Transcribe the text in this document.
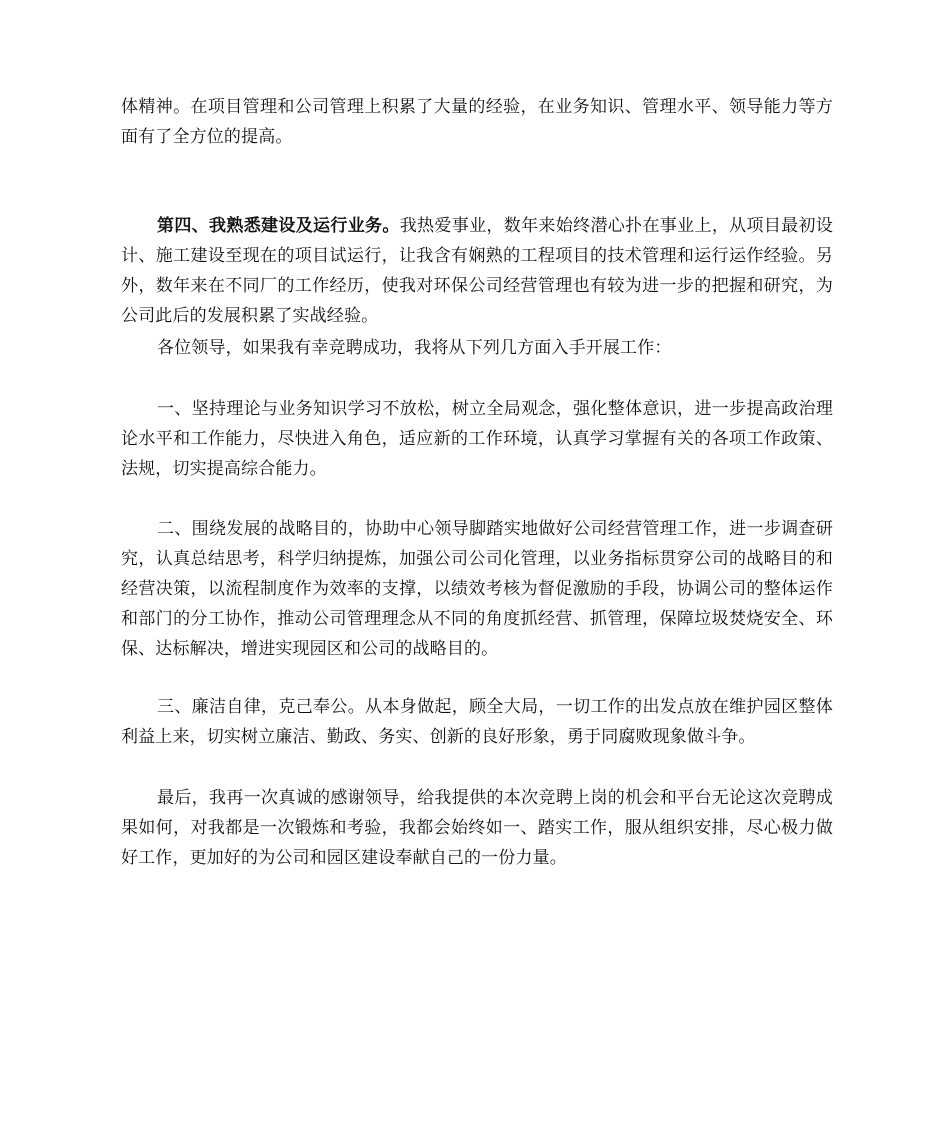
体精神。在项目管理和公司管理上积累了大量的经验，在业务知识、管理水平、领导能力等方面有了全方位的提高。

第四、我熟悉建设及运行业务。我热爱事业，数年来始终潜心扑在事业上，从项目最初设计、施工建设至现在的项目试运行，让我含有娴熟的工程项目的技术管理和运行运作经验。另外，数年来在不同厂的工作经历，使我对环保公司经营管理也有较为进一步的把握和研究，为公司此后的发展积累了实战经验。

各位领导，如果我有幸竞聘成功，我将从下列几方面入手开展工作：

一、坚持理论与业务知识学习不放松，树立全局观念，强化整体意识，进一步提高政治理论水平和工作能力，尽快进入角色，适应新的工作环境，认真学习掌握有关的各项工作政策、法规，切实提高综合能力。

二、围绕发展的战略目的，协助中心领导脚踏实地做好公司经营管理工作，进一步调查研究，认真总结思考，科学归纳提炼，加强公司公司化管理，以业务指标贯穿公司的战略目的和经营决策，以流程制度作为效率的支撑，以绩效考核为督促激励的手段，协调公司的整体运作和部门的分工协作，推动公司管理理念从不同的角度抓经营、抓管理，保障垃圾焚烧安全、环保、达标解决，增进实现园区和公司的战略目的。

三、廉洁自律，克己奉公。从本身做起，顾全大局，一切工作的出发点放在维护园区整体利益上来，切实树立廉洁、勤政、务实、创新的良好形象，勇于同腐败现象做斗争。

最后，我再一次真诚的感谢领导，给我提供的本次竞聘上岗的机会和平台无论这次竞聘成果如何，对我都是一次锻炼和考验，我都会始终如一、踏实工作，服从组织安排，尽心极力做好工作，更加好的为公司和园区建设奉献自己的一份力量。
